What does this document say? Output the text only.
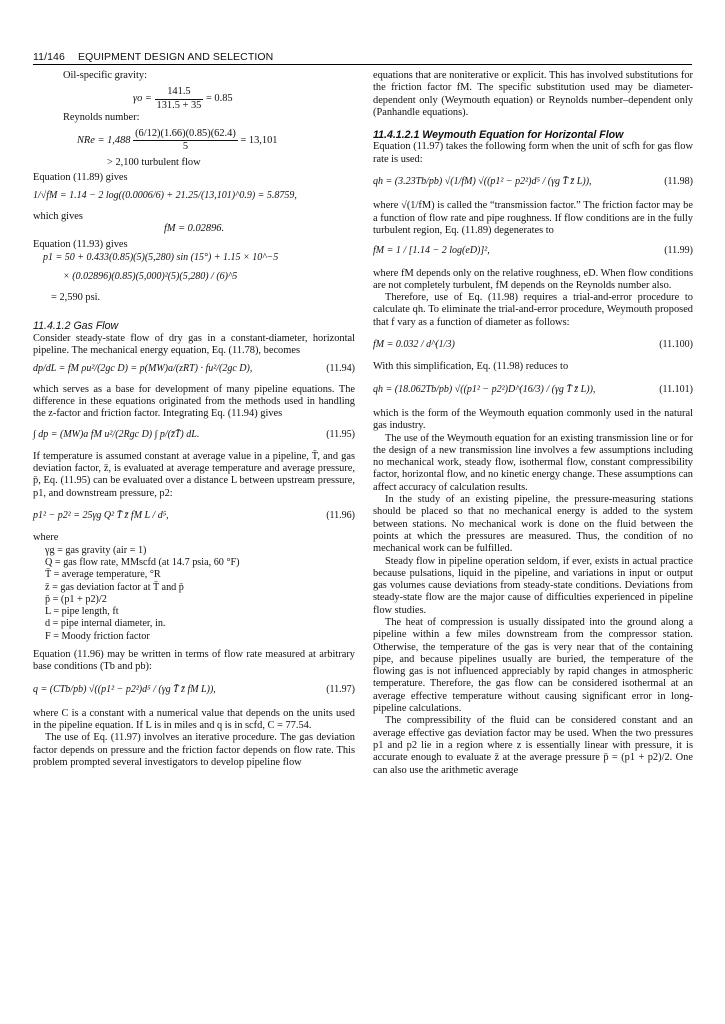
11/146 EQUIPMENT DESIGN AND SELECTION

Oil-specific gravity:

$\gamma o = \frac{141.5}{131.5 + 35} = 0.85$

Reynolds number:

NRe = $1,488 \frac{(6/12)(1.66)(0.85)(62.4)}{5} = 13,101$

> 2,100 turbulent flow

Equation (11.89) gives

1/√fM = 1.14 − 2 log((0.0006/6) + 21.25/(13,101)^0.9) = 5.8759,

which gives

fM = 0.02896.

Equation (11.93) gives

p1 = 50 + 0.433(0.85)(5)(5,280) sin (15°) + 1.15 × 10^−5
× (0.02896)(0.85)(5,000)²(5)(5,280) / (6)^5
= 2,590 psi.

11.4.1.2 Gas Flow

Consider steady-state flow of dry gas in a constant-diameter, horizontal pipeline. The mechanical energy equation, Eq. (11.78), becomes

dp/dL = fM ρu²/(2gc D) = p(MW)a/(zRT) · fu²/(2gc D),	(11.94)

which serves as a base for development of many pipeline equations. The difference in these equations originated from the methods used in handling the z-factor and friction factor. Integrating Eq. (11.94) gives

∫ dp = (MW)a fM u²/(2Rgc D) ∫ p/(z̄T̄) dL.	(11.95)

If temperature is assumed constant at average value in a pipeline, T̄, and gas deviation factor, z̄, is evaluated at average temperature and average pressure, p̄, Eq. (11.95) can be evaluated over a distance L between upstream pressure, p1, and downstream pressure, p2:

p1² − p2² = 25γg Q² T̄ z̄ fM L / d⁵,	(11.96)

where

γg = gas gravity (air = 1)
Q = gas flow rate, MMscfd (at 14.7 psia, 60 °F)
T̄ = average temperature, °R
z̄ = gas deviation factor at T̄ and p̄
p̄ = (p1 + p2)/2
L = pipe length, ft
d = pipe internal diameter, in.
F = Moody friction factor

Equation (11.96) may be written in terms of flow rate measured at arbitrary base conditions (Tb and pb):

q = (CTb/pb) √((p1² − p2²)d⁵ / (γg T̄ z̄ fM L)),	(11.97)

where C is a constant with a numerical value that depends on the units used in the pipeline equation. If L is in miles and q is in scfd, C = 77.54.

The use of Eq. (11.97) involves an iterative procedure. The gas deviation factor depends on pressure and the friction factor depends on flow rate. This problem prompted several investigators to develop pipeline flow

equations that are noniterative or explicit. This has involved substitutions for the friction factor fM. The specific substitution used may be diameter-dependent only (Weymouth equation) or Reynolds number–dependent only (Panhandle equations).

11.4.1.2.1 Weymouth Equation for Horizontal Flow

Equation (11.97) takes the following form when the unit of scfh for gas flow rate is used:

qh = (3.23Tb/pb) √(1/fM) √((p1² − p2²)d⁵ / (γg T̄ z̄ L)),	(11.98)

where √(1/fM) is called the “transmission factor.” The friction factor may be a function of flow rate and pipe roughness. If flow conditions are in the fully turbulent region, Eq. (11.89) degenerates to

fM = 1 / [1.14 − 2 log(eD)]²,	(11.99)

where fM depends only on the relative roughness, eD. When flow conditions are not completely turbulent, fM depends on the Reynolds number also.

Therefore, use of Eq. (11.98) requires a trial-and-error procedure to calculate qh. To eliminate the trial-and-error procedure, Weymouth proposed that f vary as a function of diameter as follows:

fM = 0.032 / d^(1/3)	(11.100)

With this simplification, Eq. (11.98) reduces to

qh = (18.062Tb/pb) √((p1² − p2²)D^(16/3) / (γg T̄ z̄ L)),	(11.101)

which is the form of the Weymouth equation commonly used in the natural gas industry.

The use of the Weymouth equation for an existing transmission line or for the design of a new transmission line involves a few assumptions including no mechanical work, steady flow, isothermal flow, constant compressibility factor, horizontal flow, and no kinetic energy change. These assumptions can affect accuracy of calculation results.

In the study of an existing pipeline, the pressure-measuring stations should be placed so that no mechanical energy is added to the system between stations. No mechanical work is done on the fluid between the points at which the pressures are measured. Thus, the condition of no mechanical work can be fulfilled.

Steady flow in pipeline operation seldom, if ever, exists in actual practice because pulsations, liquid in the pipeline, and variations in input or output gas volumes cause deviations from steady-state conditions. Deviations from steady-state flow are the major cause of difficulties experienced in pipeline flow studies.

The heat of compression is usually dissipated into the ground along a pipeline within a few miles downstream from the compressor station. Otherwise, the temperature of the gas is very near that of the containing pipe, and because pipelines usually are buried, the temperature of the flowing gas is not influenced appreciably by rapid changes in atmospheric temperature. Therefore, the gas flow can be considered isothermal at an average effective temperature without causing significant error in long-pipeline calculations.

The compressibility of the fluid can be considered constant and an average effective gas deviation factor may be used. When the two pressures p1 and p2 lie in a region where z is essentially linear with pressure, it is accurate enough to evaluate z̄ at the average pressure p̄ = (p1 + p2)/2. One can also use the arithmetic average
